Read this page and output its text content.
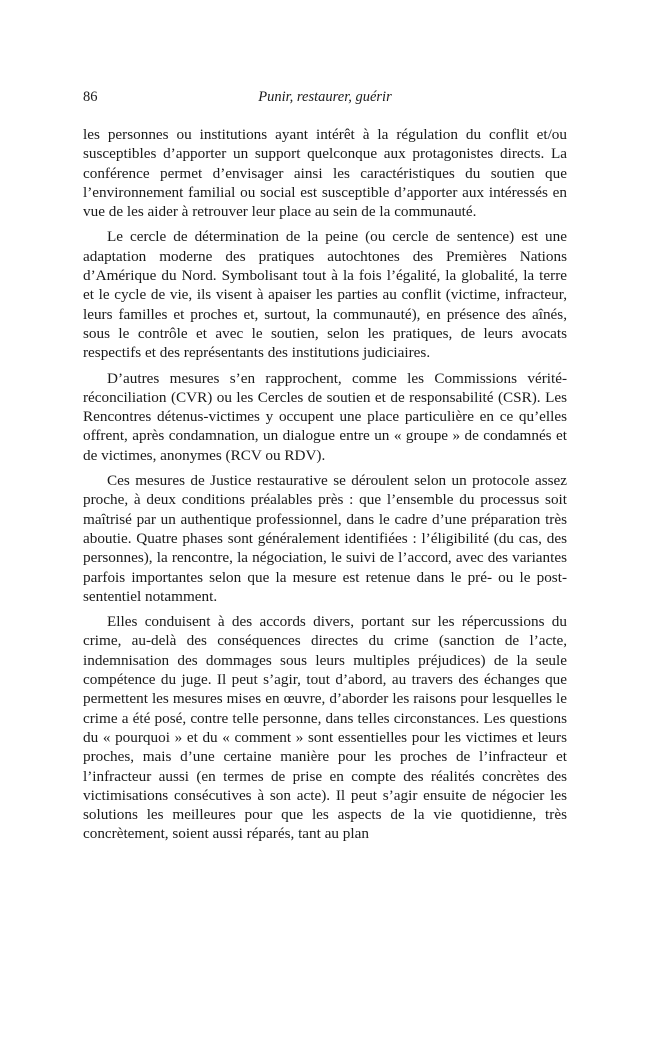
86	Punir, restaurer, guérir

les personnes ou institutions ayant intérêt à la régulation du conflit et/ou susceptibles d’apporter un support quelconque aux protagonistes directs. La conférence permet d’envisager ainsi les caractéristiques du soutien que l’environnement familial ou social est susceptible d’apporter aux intéressés en vue de les aider à retrouver leur place au sein de la communauté.

Le cercle de détermination de la peine (ou cercle de sentence) est une adaptation moderne des pratiques autochtones des Premières Nations d’Amérique du Nord. Symbolisant tout à la fois l’égalité, la globalité, la terre et le cycle de vie, ils visent à apaiser les parties au conflit (victime, infracteur, leurs familles et proches et, surtout, la communauté), en présence des aînés, sous le contrôle et avec le soutien, selon les pratiques, de leurs avocats respectifs et des représentants des institutions judiciaires.

D’autres mesures s’en rapprochent, comme les Commissions vérité-réconciliation (CVR) ou les Cercles de soutien et de responsabilité (CSR). Les Rencontres détenus-victimes y occupent une place particulière en ce qu’elles offrent, après condamnation, un dialogue entre un « groupe » de condamnés et de victimes, anonymes (RCV ou RDV).

Ces mesures de Justice restaurative se déroulent selon un protocole assez proche, à deux conditions préalables près : que l’ensemble du processus soit maîtrisé par un authentique professionnel, dans le cadre d’une préparation très aboutie. Quatre phases sont généralement identifiées : l’éligibilité (du cas, des personnes), la rencontre, la négociation, le suivi de l’accord, avec des variantes parfois importantes selon que la mesure est retenue dans le pré- ou le post-sententiel notamment.

Elles conduisent à des accords divers, portant sur les répercussions du crime, au-delà des conséquences directes du crime (sanction de l’acte, indemnisation des dommages sous leurs multiples préjudices) de la seule compétence du juge. Il peut s’agir, tout d’abord, au travers des échanges que permettent les mesures mises en œuvre, d’aborder les raisons pour lesquelles le crime a été posé, contre telle personne, dans telles circonstances. Les questions du « pourquoi » et du « comment » sont essentielles pour les victimes et leurs proches, mais d’une certaine manière pour les proches de l’infracteur et l’infracteur aussi (en termes de prise en compte des réalités concrètes des victimisations consécutives à son acte). Il peut s’agir ensuite de négocier les solutions les meilleures pour que les aspects de la vie quotidienne, très concrètement, soient aussi réparés, tant au plan
